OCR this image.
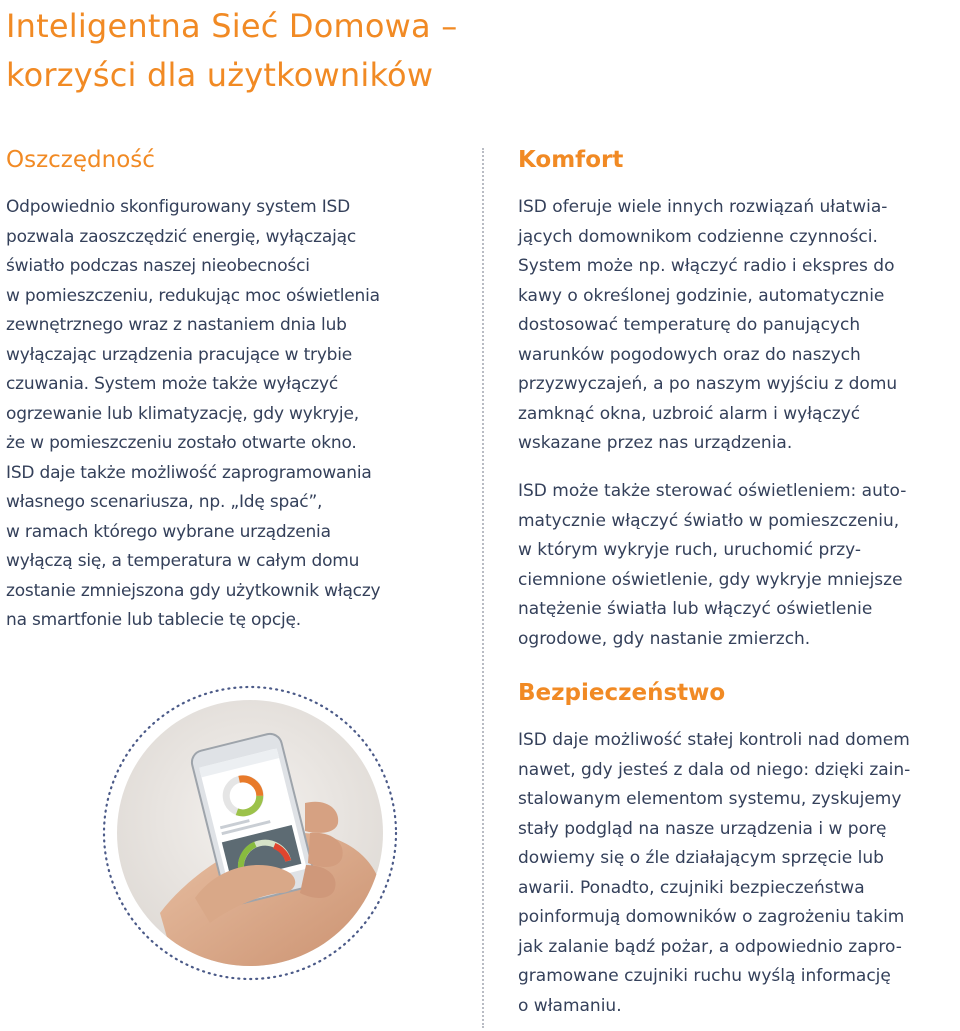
Inteligentna Sieć Domowa –
korzyści dla użytkowników
Oszczędność
Odpowiednio skonfigurowany system ISD
pozwala zaoszczędzić energię, wyłączając
światło podczas naszej nieobecności
w pomieszczeniu, redukując moc oświetlenia
zewnętrznego wraz z nastaniem dnia lub
wyłączając urządzenia pracujące w trybie
czuwania. System może także wyłączyć
ogrzewanie lub klimatyzację, gdy wykryje,
że w pomieszczeniu zostało otwarte okno.
ISD daje także możliwość zaprogramowania
własnego scenariusza, np. „Idę spać”,
w ramach którego wybrane urządzenia
wyłączą się, a temperatura w całym domu
zostanie zmniejszona gdy użytkownik włączy
na smartfonie lub tablecie tę opcję.
Komfort
ISD oferuje wiele innych rozwiązań ułatwia-
jących domownikom codzienne czynności.
System może np. włączyć radio i ekspres do
kawy o określonej godzinie, automatycznie
dostosować temperaturę do panujących
warunków pogodowych oraz do naszych
przyzwyczajeń, a po naszym wyjściu z domu
zamknąć okna, uzbroić alarm i wyłączyć
wskazane przez nas urządzenia.
ISD może także sterować oświetleniem: auto-
matycznie włączyć światło w pomieszczeniu,
w którym wykryje ruch, uruchomić przy-
ciemnione oświetlenie, gdy wykryje mniejsze
natężenie światła lub włączyć oświetlenie
ogrodowe, gdy nastanie zmierzch.
Bezpieczeństwo
ISD daje możliwość stałej kontroli nad domem
nawet, gdy jesteś z dala od niego: dzięki zain-
stalowanym elementom systemu, zyskujemy
stały podgląd na nasze urządzenia i w porę
dowiemy się o źle działającym sprzęcie lub
awarii. Ponadto, czujniki bezpieczeństwa
poinformują domowników o zagrożeniu takim
jak zalanie bądź pożar, a odpowiednio zapro-
gramowane czujniki ruchu wyślą informację
o włamaniu.
